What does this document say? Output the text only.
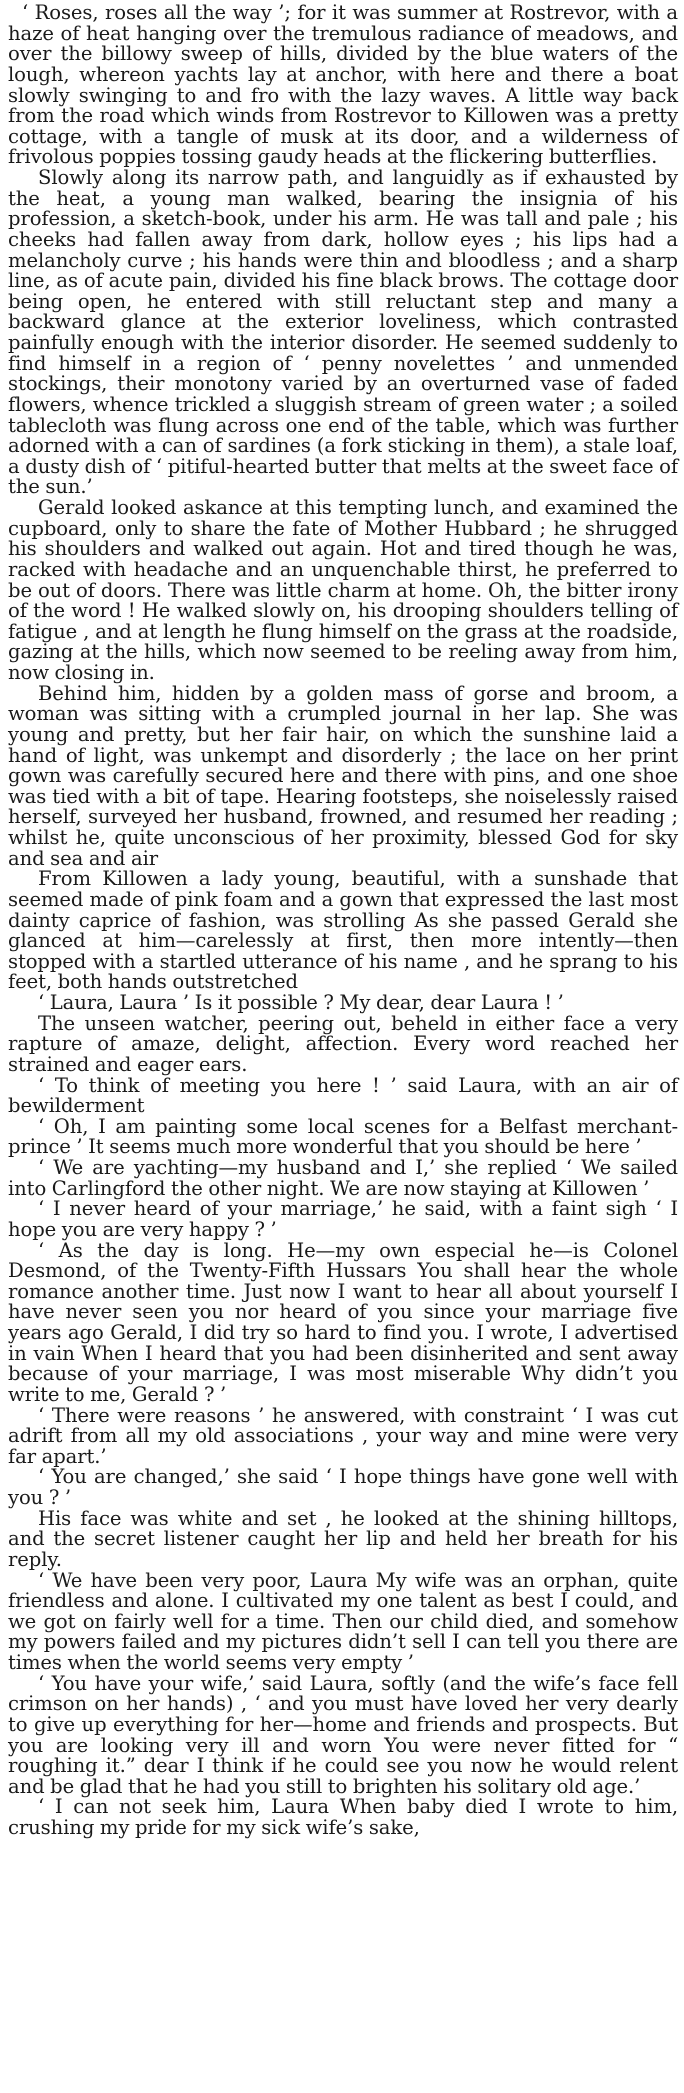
‘ Roses, roses all the way ’; for it was summer at Rostrevor, with a haze of heat hanging over the tremulous radiance of meadows, and over the billowy sweep of hills, divided by the blue waters of the lough, whereon yachts lay at anchor, with here and there a boat slowly swinging to and fro with the lazy waves. A little way back from the road which winds from Rostrevor to Killowen was a pretty cottage, with a tangle of musk at its door, and a wilderness of frivolous poppies tossing gaudy heads at the flickering butterflies.

Slowly along its narrow path, and languidly as if exhausted by the heat, a young man walked, bearing the insignia of his profession, a sketch-book, under his arm. He was tall and pale ; his cheeks had fallen away from dark, hollow eyes ; his lips had a melancholy curve ; his hands were thin and bloodless ; and a sharp line, as of acute pain, divided his fine black brows. The cottage door being open, he entered with still reluctant step and many a backward glance at the exterior loveliness, which contrasted painfully enough with the interior disorder. He seemed suddenly to find himself in a region of ‘ penny novelettes ’ and unmended stockings, their monotony varied by an overturned vase of faded flowers, whence trickled a sluggish stream of green water ; a soiled tablecloth was flung across one end of the table, which was further adorned with a can of sardines (a fork sticking in them), a stale loaf, a dusty dish of ‘ pitiful-hearted butter that melts at the sweet face of the sun.’

Gerald looked askance at this tempting lunch, and examined the cupboard, only to share the fate of Mother Hubbard ; he shrugged his shoulders and walked out again. Hot and tired though he was, racked with headache and an unquenchable thirst, he preferred to be out of doors. There was little charm at home. Oh, the bitter irony of the word ! He walked slowly on, his drooping shoulders telling of fatigue , and at length he flung himself on the grass at the roadside, gazing at the hills, which now seemed to be reeling away from him, now closing in.

Behind him, hidden by a golden mass of gorse and broom, a woman was sitting with a crumpled journal in her lap. She was young and pretty, but her fair hair, on which the sunshine laid a hand of light, was unkempt and disorderly ; the lace on her print gown was carefully secured here and there with pins, and one shoe was tied with a bit of tape. Hearing footsteps, she noiselessly raised herself, surveyed her husband, frowned, and resumed her reading ; whilst he, quite unconscious of her proximity, blessed God for sky and sea and air

From Killowen a lady young, beautiful, with a sunshade that seemed made of pink foam and a gown that expressed the last most dainty caprice of fashion, was strolling As she passed Gerald she glanced at him—carelessly at first, then more intently—then stopped with a startled utterance of his name , and he sprang to his feet, both hands outstretched

‘ Laura, Laura ’ Is it possible ? My dear, dear Laura ! ’

The unseen watcher, peering out, beheld in either face a very rapture of amaze, delight, affection. Every word reached her strained and eager ears.

‘ To think of meeting you here ! ’ said Laura, with an air of bewilderment

‘ Oh, I am painting some local scenes for a Belfast merchant-prince ’ It seems much more wonderful that you should be here ’

‘ We are yachting—my husband and I,’ she replied ‘ We sailed into Carlingford the other night. We are now staying at Killowen ’

‘ I never heard of your marriage,’ he said, with a faint sigh ‘ I hope you are very happy ? ’

‘ As the day is long. He—my own especial he—is Colonel Desmond, of the Twenty-Fifth Hussars You shall hear the whole romance another time. Just now I want to hear all about yourself I have never seen you nor heard of you since your marriage five years ago Gerald, I did try so hard to find you. I wrote, I advertised in vain When I heard that you had been disinherited and sent away because of your marriage, I was most miserable Why didn’t you write to me, Gerald ? ’

‘ There were reasons ’ he answered, with constraint ‘ I was cut adrift from all my old associations , your way and mine were very far apart.’

‘ You are changed,’ she said ‘ I hope things have gone well with you ? ’

His face was white and set , he looked at the shining hilltops, and the secret listener caught her lip and held her breath for his reply.

‘ We have been very poor, Laura My wife was an orphan, quite friendless and alone. I cultivated my one talent as best I could, and we got on fairly well for a time. Then our child died, and somehow my powers failed and my pictures didn’t sell I can tell you there are times when the world seems very empty ’

‘ You have your wife,’ said Laura, softly (and the wife’s face fell crimson on her hands) , ‘ and you must have loved her very dearly to give up everything for her—home and friends and prospects. But you are looking very ill and worn You were never fitted for “ roughing it.” dear I think if he could see you now he would relent and be glad that he had you still to brighten his solitary old age.’

‘ I can not seek him, Laura When baby died I wrote to him, crushing my pride for my sick wife’s sake,
